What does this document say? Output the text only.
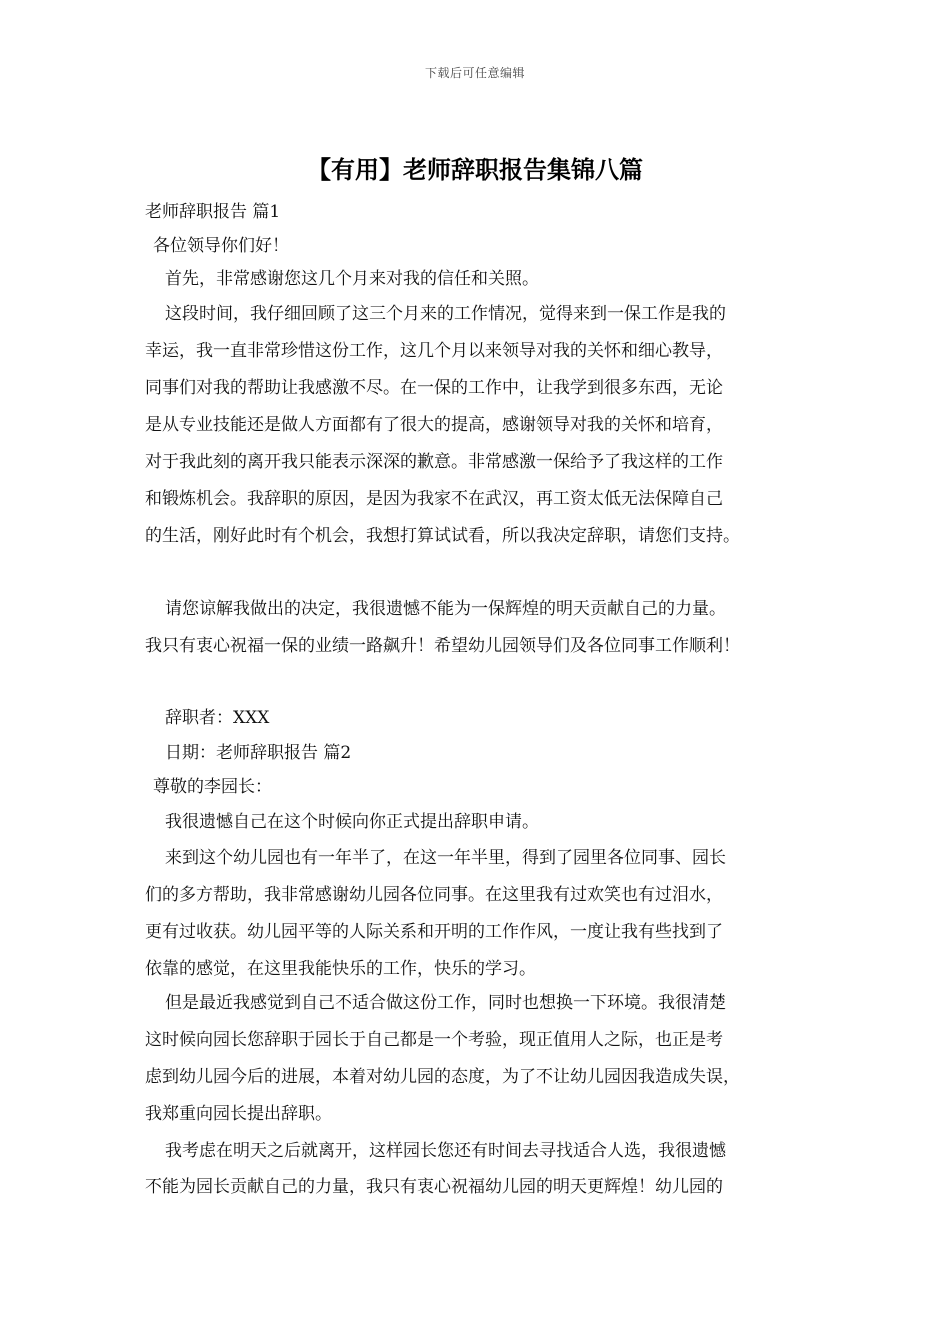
下载后可任意编辑
【有用】老师辞职报告集锦八篇
老师辞职报告 篇1
各位领导你们好！
首先，非常感谢您这几个月来对我的信任和关照。
这段时间，我仔细回顾了这三个月来的工作情况，觉得来到一保工作是我的
幸运，我一直非常珍惜这份工作，这几个月以来领导对我的关怀和细心教导，
同事们对我的帮助让我感激不尽。在一保的工作中，让我学到很多东西，无论
是从专业技能还是做人方面都有了很大的提高，感谢领导对我的关怀和培育，
对于我此刻的离开我只能表示深深的歉意。非常感激一保给予了我这样的工作
和锻炼机会。我辞职的原因，是因为我家不在武汉，再工资太低无法保障自己
的生活，刚好此时有个机会，我想打算试试看，所以我决定辞职，请您们支持。
请您谅解我做出的决定，我很遗憾不能为一保辉煌的明天贡献自己的力量。
我只有衷心祝福一保的业绩一路飙升！希望幼儿园领导们及各位同事工作顺利！
辞职者：XXX
日期：老师辞职报告 篇2
尊敬的李园长：
我很遗憾自己在这个时候向你正式提出辞职申请。
来到这个幼儿园也有一年半了，在这一年半里，得到了园里各位同事、园长
们的多方帮助，我非常感谢幼儿园各位同事。在这里我有过欢笑也有过泪水，
更有过收获。幼儿园平等的人际关系和开明的工作作风，一度让我有些找到了
依靠的感觉，在这里我能快乐的工作，快乐的学习。
但是最近我感觉到自己不适合做这份工作，同时也想换一下环境。我很清楚
这时候向园长您辞职于园长于自己都是一个考验，现正值用人之际，也正是考
虑到幼儿园今后的进展，本着对幼儿园的态度，为了不让幼儿园因我造成失误，
我郑重向园长提出辞职。
我考虑在明天之后就离开，这样园长您还有时间去寻找适合人选，我很遗憾
不能为园长贡献自己的力量，我只有衷心祝福幼儿园的明天更辉煌！幼儿园的
